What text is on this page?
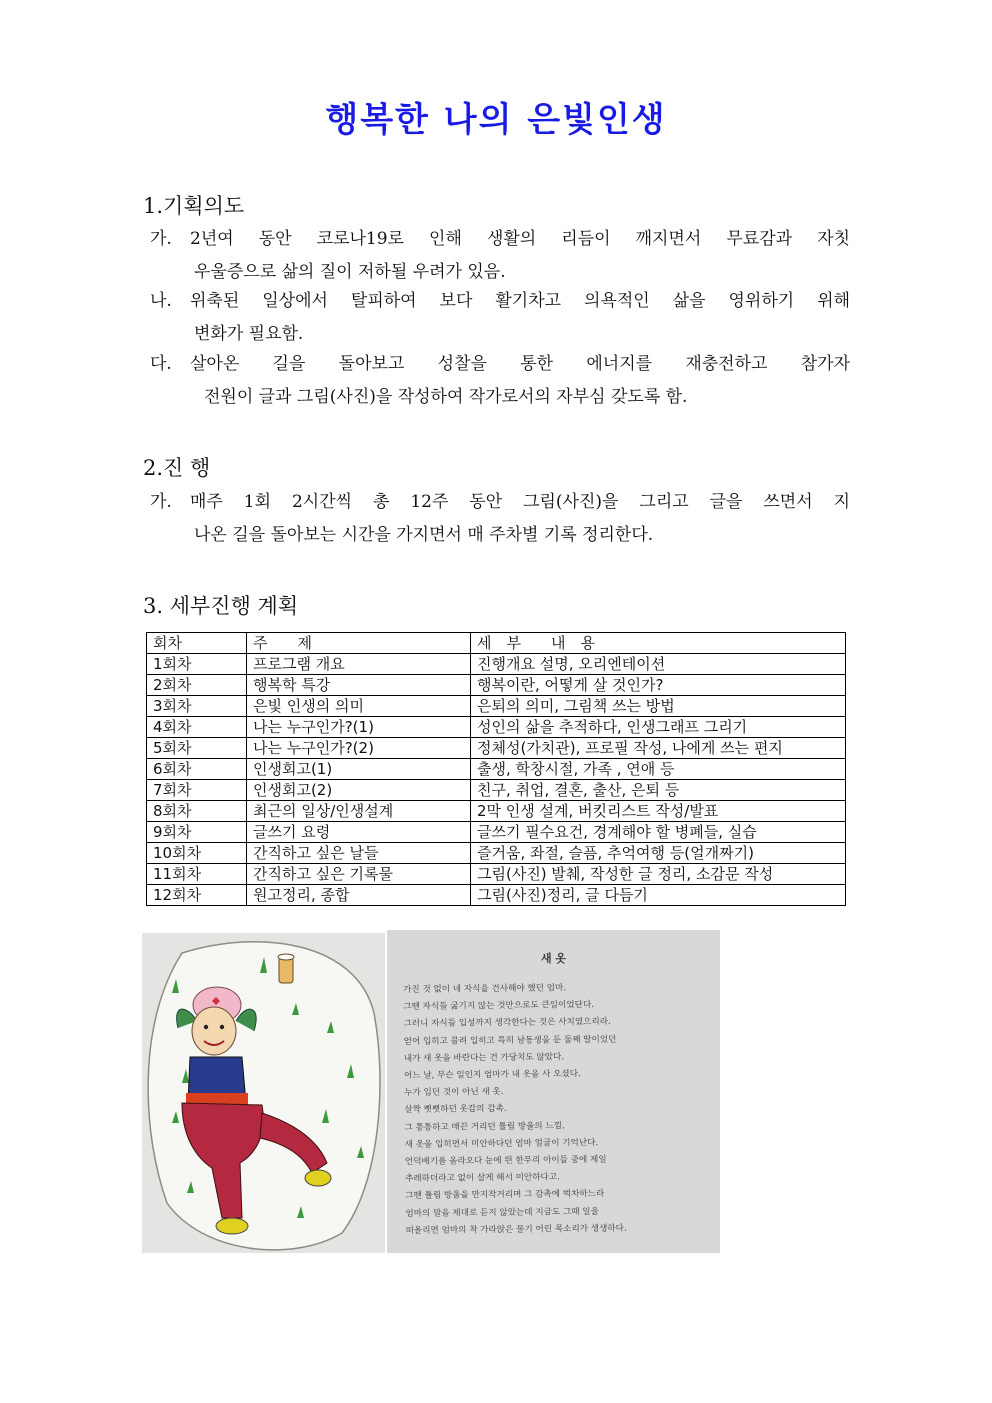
행복한 나의 은빛인생
1.기획의도
가.	2년여 동안 코로나19로 인해 생활의 리듬이 깨지면서 무료감과 자칫
우울증으로 삶의 질이 저하될 우려가 있음.
나.	위축된 일상에서 탈피하여 보다 활기차고 의욕적인 삶을 영위하기 위해
변화가 필요함.
다.	살아온 길을 돌아보고 성찰을 통한 에너지를 재충전하고 참가자
전원이 글과 그림(사진)을 작성하여 작가로서의 자부심 갖도록 함.
2.진 행
가.	매주 1회 2시간씩 총 12주 동안 그림(사진)을 그리고 글을 쓰면서 지
나온 길을 돌아보는 시간을 가지면서 매 주차별 기록 정리한다.
3. 세부진행 계획
회차	주　　제	세　부　　내　용
1회차	프로그램 개요	진행개요 설명, 오리엔테이션
2회차	행복학 특강	행복이란, 어떻게 살 것인가?
3회차	은빛 인생의 의미	은퇴의 의미, 그림책 쓰는 방법
4회차	나는 누구인가?(1)	성인의 삶을 추적하다, 인생그래프 그리기
5회차	나는 누구인가?(2)	정체성(가치관), 프로필 작성, 나에게 쓰는 편지
6회차	인생회고(1)	출생, 학창시절, 가족 , 연애 등
7회차	인생회고(2)	친구, 취업, 결혼, 출산, 은퇴 등
8회차	최근의 일상/인생설계	2막 인생 설계, 버킷리스트 작성/발표
9회차	글쓰기 요령	글쓰기 필수요건, 경계해야 할 병폐들, 실습
10회차	간직하고 싶은 날들	즐거움, 좌절, 슬픔, 추억여행 등(얼개짜기)
11회차	간직하고 싶은 기록물	그림(사진) 발췌, 작성한 글 정리, 소감문 작성
12회차	원고정리, 종합	그림(사진)정리, 글 다듬기
새 옷
가진 것 없이 네 자식을 건사해야 했던 엄마.
그땐 자식들 굶기지 않는 것만으로도 큰일이었단다.
그러니 자식들 입성까지 생각한다는 것은 사치였으리라.
얻어 입히고 물려 입히고 특히 남동생을 둔 둘째 딸이었던
내가 새 옷을 바란다는 건 가당치도 않았다.
어느 날, 무슨 일인지 엄마가 내 옷을 사 오셨다.
누가 입던 것이 아닌 새 옷.
살짝 뻣뻣하던 옷감의 감촉.
그 통통하고 매끈 거리던 튤립 방울의 느낌.
새 옷을 입히면서 미안하다던 엄마 얼굴이 기억난다.
언덕배기를 올라오다 눈에 띈 한무리 아이들 중에 제일
추레하더라고 없이 살게 해서 미안하다고.
그땐 튤립 방울을 만지작거리며 그 감촉에 벅차하느라
엄마의 말을 제대로 듣지 않았는데 지금도 그때 일을
떠올리면 엄마의 착 가라앉은 물기 어린 목소리가 생생하다.
